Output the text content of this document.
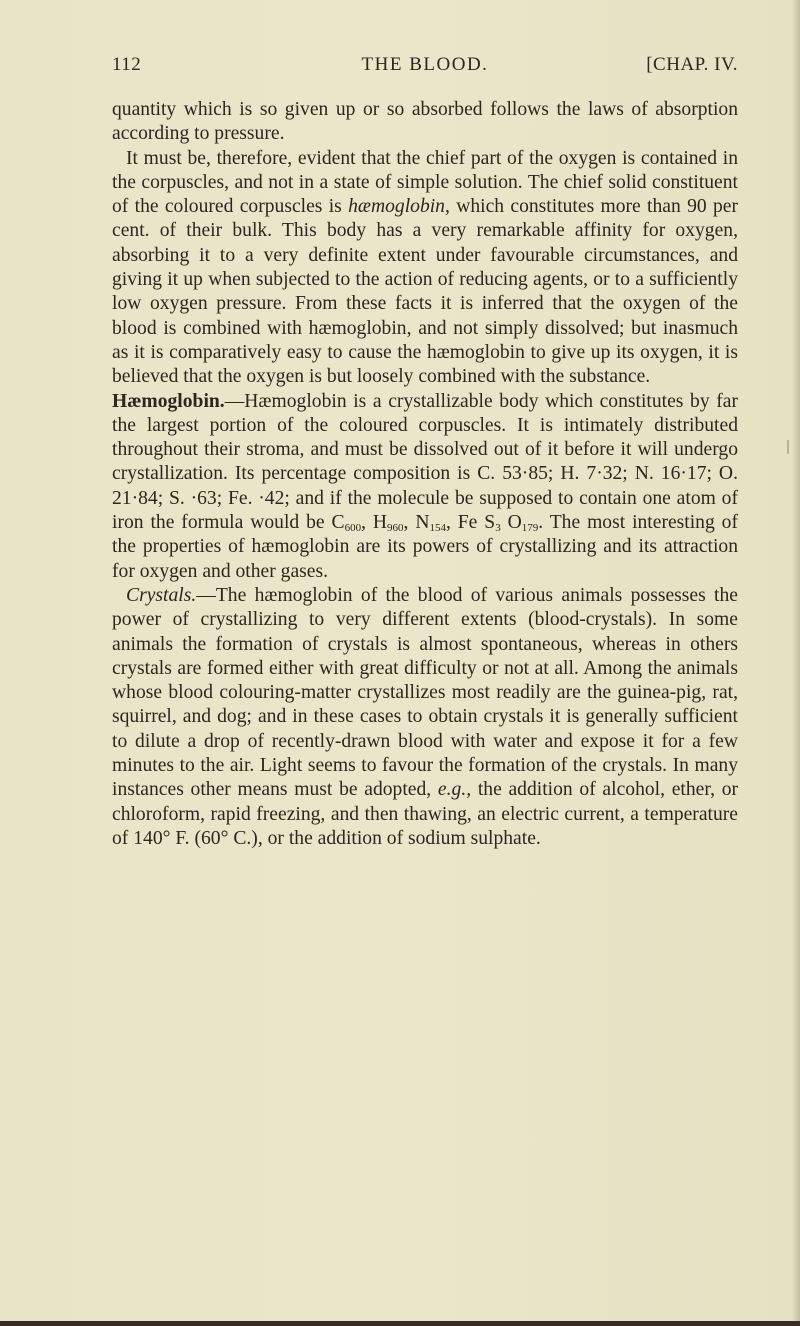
112	THE BLOOD.	[CHAP. IV.

quantity which is so given up or so absorbed follows the laws of absorption according to pressure.

It must be, therefore, evident that the chief part of the oxygen is contained in the corpuscles, and not in a state of simple solution. The chief solid constituent of the coloured corpuscles is hæmoglobin, which constitutes more than 90 per cent. of their bulk. This body has a very remarkable affinity for oxygen, absorbing it to a very definite extent under favourable circumstances, and giving it up when subjected to the action of reducing agents, or to a sufficiently low oxygen pressure. From these facts it is inferred that the oxygen of the blood is combined with hæmoglobin, and not simply dissolved; but inasmuch as it is comparatively easy to cause the hæmoglobin to give up its oxygen, it is believed that the oxygen is but loosely combined with the substance.

Hæmoglobin.—Hæmoglobin is a crystallizable body which constitutes by far the largest portion of the coloured corpuscles. It is intimately distributed throughout their stroma, and must be dissolved out of it before it will undergo crystallization. Its percentage composition is C. 53·85; H. 7·32; N. 16·17; O. 21·84; S. ·63; Fe. ·42; and if the molecule be supposed to contain one atom of iron the formula would be $C_{600}$, $H_{960}$, $N_{154}$, Fe $S_3$ $O_{179}$. The most interesting of the properties of hæmoglobin are its powers of crystallizing and its attraction for oxygen and other gases.

Crystals.—The hæmoglobin of the blood of various animals possesses the power of crystallizing to very different extents (blood-crystals). In some animals the formation of crystals is almost spontaneous, whereas in others crystals are formed either with great difficulty or not at all. Among the animals whose blood colouring-matter crystallizes most readily are the guinea-pig, rat, squirrel, and dog; and in these cases to obtain crystals it is generally sufficient to dilute a drop of recently-drawn blood with water and expose it for a few minutes to the air. Light seems to favour the formation of the crystals. In many instances other means must be adopted, e.g., the addition of alcohol, ether, or chloroform, rapid freezing, and then thawing, an electric current, a temperature of 140° F. (60° C.), or the addition of sodium sulphate.
